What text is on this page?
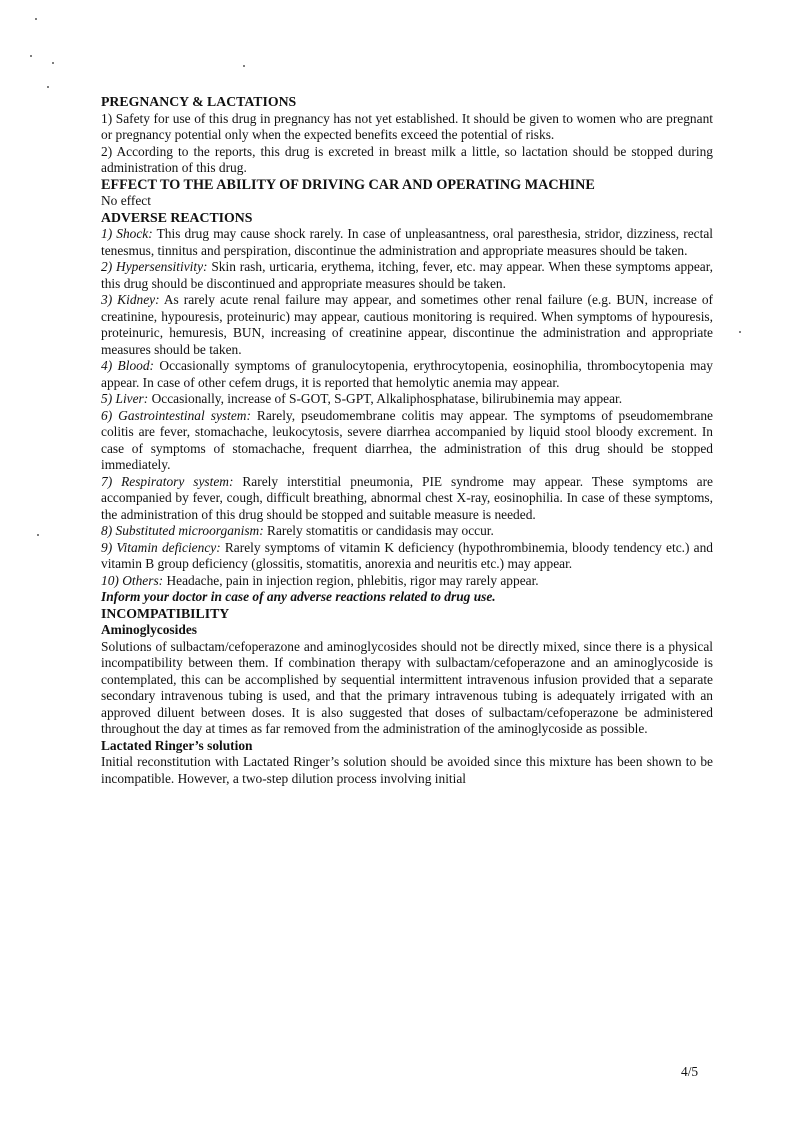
PREGNANCY & LACTATIONS

1) Safety for use of this drug in pregnancy has not yet established. It should be given to women who are pregnant or pregnancy potential only when the expected benefits exceed the potential of risks.

2) According to the reports, this drug is excreted in breast milk a little, so lactation should be stopped during administration of this drug.

EFFECT TO THE ABILITY OF DRIVING CAR AND OPERATING MACHINE

No effect

ADVERSE REACTIONS

1) Shock: This drug may cause shock rarely. In case of unpleasantness, oral paresthesia, stridor, dizziness, rectal tenesmus, tinnitus and perspiration, discontinue the administration and appropriate measures should be taken.

2) Hypersensitivity: Skin rash, urticaria, erythema, itching, fever, etc. may appear. When these symptoms appear, this drug should be discontinued and appropriate measures should be taken.

3) Kidney: As rarely acute renal failure may appear, and sometimes other renal failure (e.g. BUN, increase of creatinine, hypouresis, proteinuric) may appear, cautious monitoring is required. When symptoms of hypouresis, proteinuric, hemuresis, BUN, increasing of creatinine appear, discontinue the administration and appropriate measures should be taken.

4) Blood: Occasionally symptoms of granulocytopenia, erythrocytopenia, eosinophilia, thrombocytopenia may appear. In case of other cefem drugs, it is reported that hemolytic anemia may appear.

5) Liver: Occasionally, increase of S-GOT, S-GPT, Alkaliphosphatase, bilirubinemia may appear.

6) Gastrointestinal system: Rarely, pseudomembrane colitis may appear. The symptoms of pseudomembrane colitis are fever, stomachache, leukocytosis, severe diarrhea accompanied by liquid stool bloody excrement. In case of symptoms of stomachache, frequent diarrhea, the administration of this drug should be stopped immediately.

7) Respiratory system: Rarely interstitial pneumonia, PIE syndrome may appear. These symptoms are accompanied by fever, cough, difficult breathing, abnormal chest X-ray, eosinophilia. In case of these symptoms, the administration of this drug should be stopped and suitable measure is needed.

8) Substituted microorganism: Rarely stomatitis or candidasis may occur.

9) Vitamin deficiency: Rarely symptoms of vitamin K deficiency (hypothrombinemia, bloody tendency etc.) and vitamin B group deficiency (glossitis, stomatitis, anorexia and neuritis etc.) may appear.

10) Others: Headache, pain in injection region, phlebitis, rigor may rarely appear.

Inform your doctor in case of any adverse reactions related to drug use.

INCOMPATIBILITY

Aminoglycosides

Solutions of sulbactam/cefoperazone and aminoglycosides should not be directly mixed, since there is a physical incompatibility between them. If combination therapy with sulbactam/cefoperazone and an aminoglycoside is contemplated, this can be accomplished by sequential intermittent intravenous infusion provided that a separate secondary intravenous tubing is used, and that the primary intravenous tubing is adequately irrigated with an approved diluent between doses. It is also suggested that doses of sulbactam/cefoperazone be administered throughout the day at times as far removed from the administration of the aminoglycoside as possible.

Lactated Ringer’s solution

Initial reconstitution with Lactated Ringer’s solution should be avoided since this mixture has been shown to be incompatible. However, a two-step dilution process involving initial

4/5
